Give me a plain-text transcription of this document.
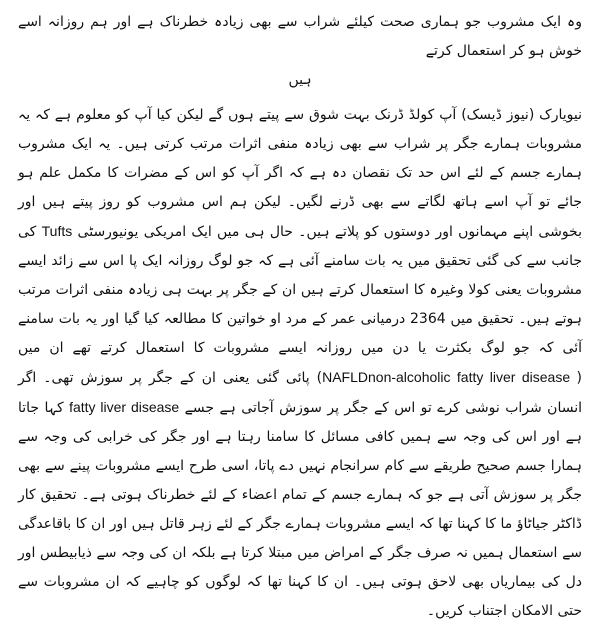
وہ ایک مشروب جو ہماری صحت کیلئے شراب سے بھی زیادہ خطرناک ہے اور ہم روزانہ اسے خوش ہو کر استعمال کرتے
ہیں

نیویارک (نیوز ڈیسک) آپ کولڈ ڈرنک بہت شوق سے پیتے ہوں گے لیکن کیا آپ کو معلوم ہے کہ یہ مشروبات ہمارے جگر پر شراب سے بھی زیادہ منفی اثرات مرتب کرتی ہیں۔ یہ ایک مشروب ہمارے جسم کے لئے اس حد تک نقصان دہ ہے کہ اگر آپ کو اس کے مضرات کا مکمل علم ہو جائے تو آپ اسے ہاتھ لگاتے سے بھی ڈرنے لگیں۔ لیکن ہم اس مشروب کو روز پیتے ہیں اور بخوشی اپنے مہمانوں اور دوستوں کو پلاتے ہیں۔ حال ہی میں ایک امریکی یونیورسٹی Tufts کی جانب سے کی گئی تحقیق میں یہ بات سامنے آئی ہے کہ جو لوگ روزانہ ایک پا اس سے زائد ایسے مشروبات یعنی کولا وغیرہ کا استعمال کرتے ہیں ان کے جگر پر بہت ہی زیادہ منفی اثرات مرتب ہوتے ہیں۔ تحقیق میں 2364 درمیانی عمر کے مرد او خواتین کا مطالعہ کیا گیا اور یہ بات سامنے آئی کہ جو لوگ بکثرت یا دن میں روزانہ ایسے مشروبات کا استعمال کرتے تھے ان میں (NAFLDnon-alcoholic fatty liver disease ) پائی گئی یعنی ان کے جگر پر سوزش تھی۔ اگر انسان شراب نوشی کرے تو اس کے جگر پر سوزش آجاتی ہے جسے fatty liver disease کہا جاتا ہے اور اس کی وجہ سے ہمیں کافی مسائل کا سامنا رہتا ہے اور جگر کی خرابی کی وجہ سے ہمارا جسم صحیح طریقے سے کام سرانجام نہیں دے پاتا، اسی طرح ایسے مشروبات پینے سے بھی جگر پر سوزش آتی ہے جو کہ ہمارے جسم کے تمام اعضاء کے لئے خطرناک ہوتی ہے۔ تحقیق کار ڈاکٹر جیاٹاؤ ما کا کہنا تھا کہ ایسے مشروبات ہمارے جگر کے لئے زہر قاتل ہیں اور ان کا باقاعدگی سے استعمال ہمیں نہ صرف جگر کے امراض میں مبتلا کرتا ہے بلکہ ان کی وجہ سے ذیابیطس اور دل کی بیماریاں بھی لاحق ہوتی ہیں۔ ان کا کہنا تھا کہ لوگوں کو چاہیے کہ ان مشروبات سے حتی الامکان اجتناب کریں۔
